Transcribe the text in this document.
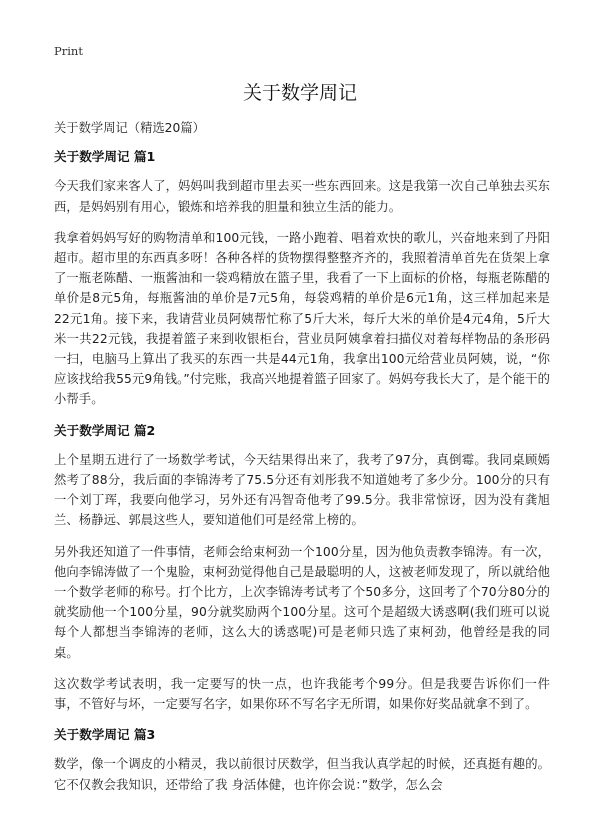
Print
关于数学周记

关于数学周记（精选20篇）

关于数学周记 篇1

今天我们家来客人了，妈妈叫我到超市里去买一些东西回来。这是我第一次自己单独去买东西，是妈妈别有用心，锻炼和培养我的胆量和独立生活的能力。

我拿着妈妈写好的购物清单和100元钱，一路小跑着、唱着欢快的歌儿，兴奋地来到了丹阳超市。超市里的东西真多呀！各种各样的货物摆得整整齐齐的，我照着清单首先在货架上拿了一瓶老陈醋、一瓶酱油和一袋鸡精放在篮子里，我看了一下上面标的价格，每瓶老陈醋的单价是8元5角，每瓶酱油的单价是7元5角，每袋鸡精的单价是6元1角，这三样加起来是22元1角。接下来，我请营业员阿姨帮忙称了5斤大米，每斤大米的单价是4元4角，5斤大米一共22元钱，我提着篮子来到收银柜台，营业员阿姨拿着扫描仪对着每样物品的条形码一扫，电脑马上算出了我买的东西一共是44元1角，我拿出100元给营业员阿姨，说，“你应该找给我55元9角钱。”付完账，我高兴地提着篮子回家了。妈妈夸我长大了，是个能干的小帮手。

关于数学周记 篇2

上个星期五进行了一场数学考试，今天结果得出来了，我考了97分，真倒霉。我同桌顾嫣然考了88分，我后面的李锦涛考了75.5分还有刘彤我不知道她考了多少分。100分的只有一个刘丁珲，我要向他学习，另外还有冯智奇他考了99.5分。我非常惊讶，因为没有龚旭兰、杨静远、郭晨这些人，要知道他们可是经常上榜的。

另外我还知道了一件事情，老师会给束柯劲一个100分星，因为他负责教李锦涛。有一次，他向李锦涛做了一个鬼脸，束柯劲觉得他自己是最聪明的人，这被老师发现了，所以就给他一个数学老师的称号。打个比方，上次李锦涛考试考了个50多分，这回考了个70分80分的就奖励他一个100分星，90分就奖励两个100分星。这可个是超级大诱惑啊(我们班可以说每个人都想当李锦涛的老师，这么大的诱惑呢)可是老师只选了束柯劲，他曾经是我的同桌。

这次数学考试表明，我一定要写的快一点，也许我能考个99分。但是我要告诉你们一件事，不管好与坏，一定要写名字，如果你环不写名字无所谓，如果你好奖品就拿不到了。

关于数学周记 篇3

数学，像一个调皮的小精灵，我以前很讨厌数学，但当我认真学起的时候，还真挺有趣的。它不仅教会我知识，还带给了我 身活体健，也许你会说：”数学，怎么会
